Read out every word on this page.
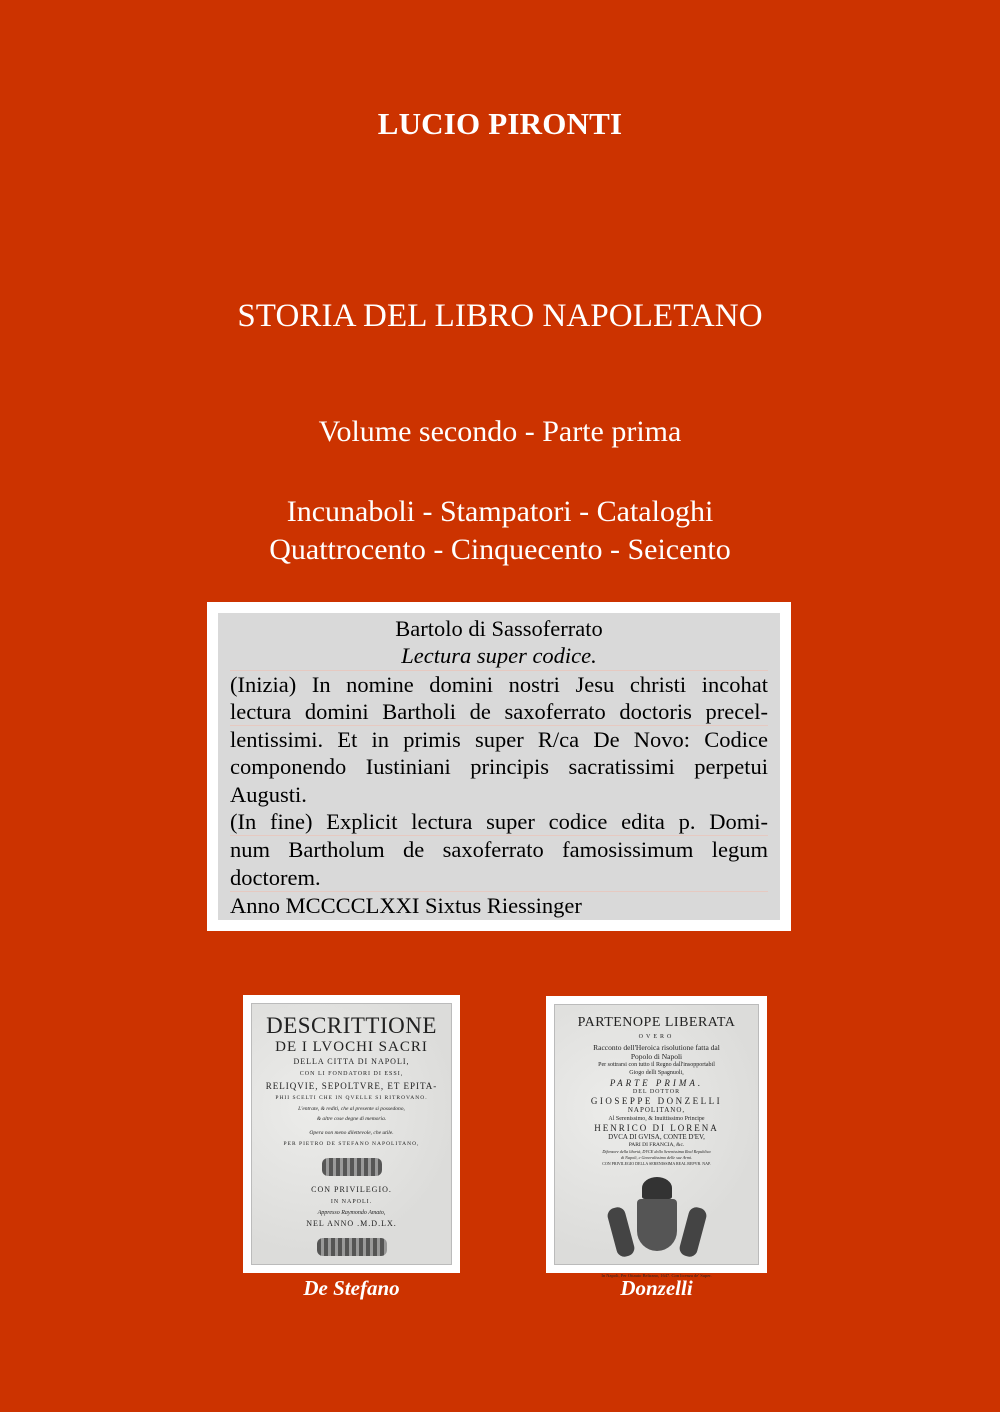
LUCIO PIRONTI
STORIA DEL LIBRO NAPOLETANO
Volume secondo - Parte prima
Incunaboli - Stampatori - Cataloghi
Quattrocento - Cinquecento - Seicento
Bartolo di Sassoferrato
Lectura super codice.
(Inizia) In nomine domini nostri Jesu christi incohat
lectura domini Bartholi de saxoferrato doctoris precel-
lentissimi. Et in primis super R/ca De Novo: Codice
componendo Iustiniani principis sacratissimi perpetui
Augusti.
(In fine) Explicit lectura super codice edita p. Domi-
num Bartholum de saxoferrato famosissimum legum
doctorem.
Anno MCCCCLXXI Sixtus Riessinger
DESCRITTIONE
DE I LVOCHI SACRI
DELLA CITTA DI NAPOLI,
CON LI FONDATORI DI ESSI,
RELIQVIE, SEPOLTVRE, ET EPITA-
PHII SCELTI CHE IN QVELLE SI RITROVANO.
L'entrate, & rediti, che al presente si possedono,
& altre cose degne di memoria.
Opera non meno dilettevole, che utile.
PER PIETRO DE STEFANO NAPOLITANO,
CON PRIVILEGIO.
IN NAPOLI.
Appresso Raymondo Amato,
NEL ANNO .M.D.LX.
De Stefano
PARTENOPE LIBERATA
OVERO
Racconto dell'Heroica risolutione fatta dal
Popolo di Napoli
Per sottrarsi con tutto il Regno dall'insopportabil
Giogo delli Spagnuoli,
PARTE PRIMA.
DEL DOTTOR
GIOSEPPE DONZELLI
NAPOLITANO,
Al Serenissimo, & Inuittissimo Principe
HENRICO DI LORENA
DVCA DI GVISA, CONTE D'EV,
PARI DI FRANCIA, &c.
Difensore della libertà, DVCE della Serenissima Real Republica
di Napoli, e Generalissimo delle sue Armi.
CON PRIVILEGIO DELLA SERENISSIMA REAL REPVB. NAP.
In Napoli, Per Ottauio Beltrano, 1647. Con licenza de' Super.
Donzelli
